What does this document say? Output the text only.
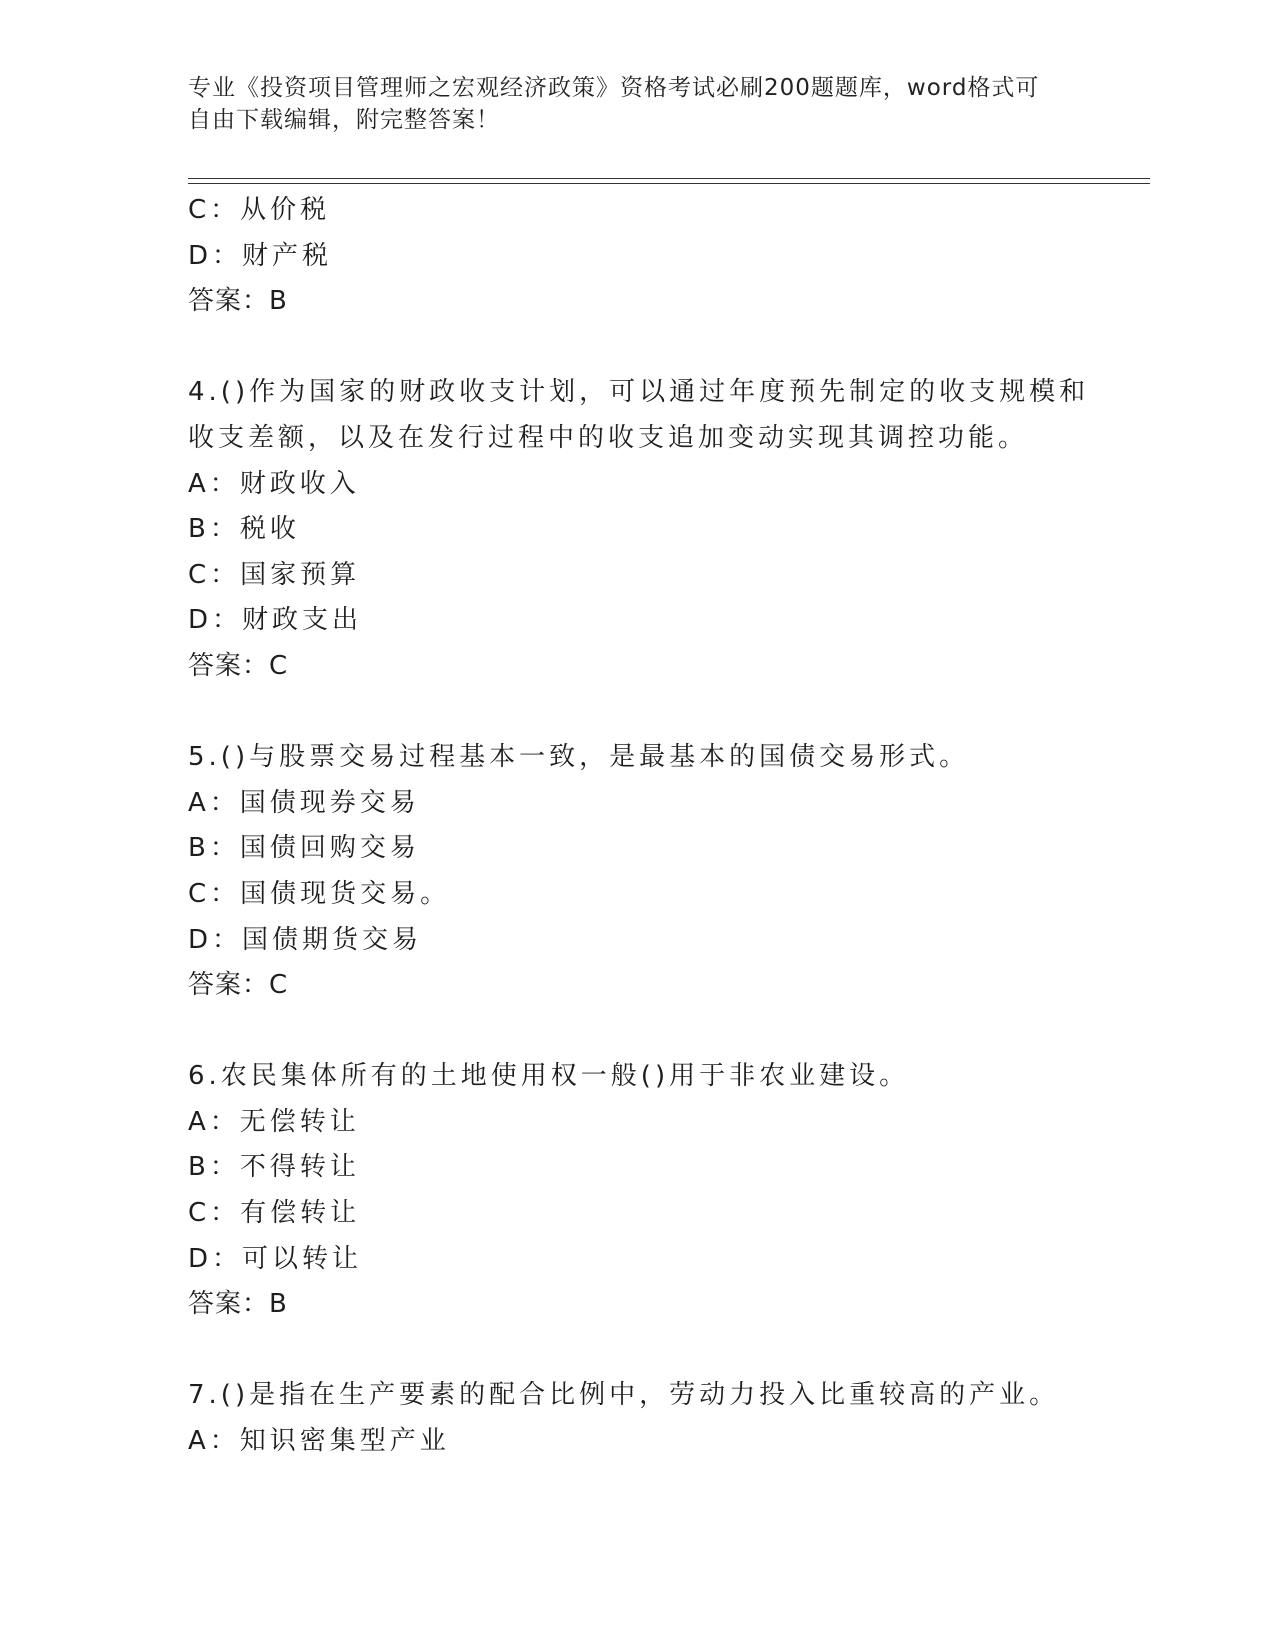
专业《投资项目管理师之宏观经济政策》资格考试必刷200题题库，word格式可
自由下载编辑，附完整答案！
C：从价税
D：财产税
答案：B
4.()作为国家的财政收支计划，可以通过年度预先制定的收支规模和
收支差额，以及在发行过程中的收支追加变动实现其调控功能。
A：财政收入
B：税收
C：国家预算
D：财政支出
答案：C
5.()与股票交易过程基本一致，是最基本的国债交易形式。
A：国债现券交易
B：国债回购交易
C：国债现货交易。
D：国债期货交易
答案：C
6.农民集体所有的土地使用权一般()用于非农业建设。
A：无偿转让
B：不得转让
C：有偿转让
D：可以转让
答案：B
7.()是指在生产要素的配合比例中，劳动力投入比重较高的产业。
A：知识密集型产业
